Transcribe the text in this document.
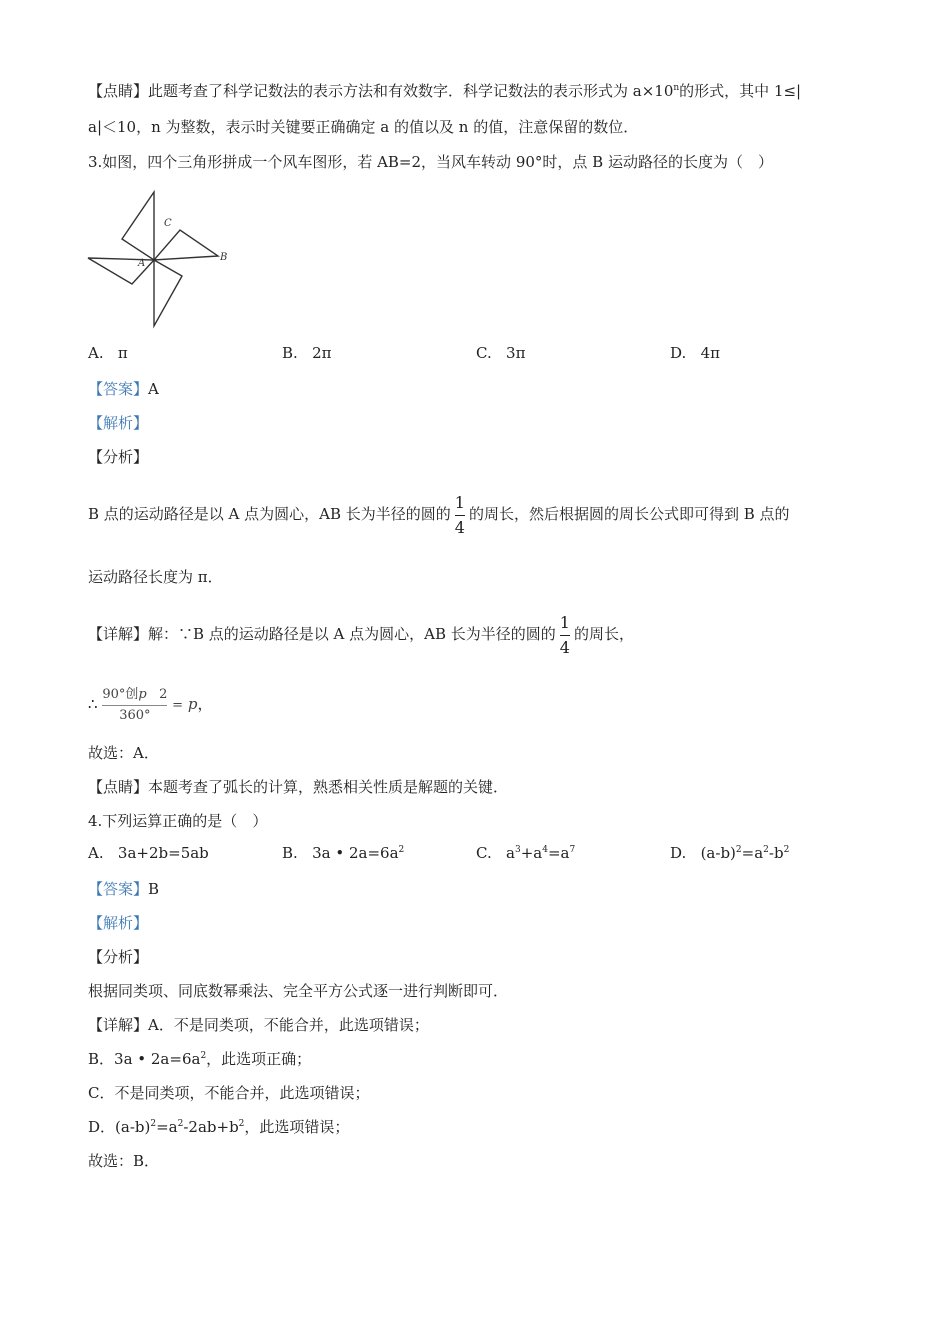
【点睛】此题考查了科学记数法的表示方法和有效数字．科学记数法的表示形式为 $a\times 10^n$的形式，其中 1≤|
a|＜10，n 为整数，表示时关键要正确确定 a 的值以及 n 的值，注意保留的数位．
3.如图，四个三角形拼成一个风车图形，若 AB=2，当风车转动 90°时，点 B 运动路径的长度为（　）
C
B
A
A. π	B. 2π	C. 3π	D. 4π
【答案】A
【解析】
【分析】
B 点的运动路径是以 A 点为圆心，AB 长为半径的圆的 $\frac{1}{4}$ 的周长，然后根据圆的周长公式即可得到 B 点的
运动路径长度为 π．
【详解】解：∵B 点的运动路径是以 A 点为圆心，AB 长为半径的圆的 $\frac{1}{4}$ 的周长，
∴ $\frac{\text{90°创p 2}}{360^\circ} = p$，
故选：A．
【点睛】本题考查了弧长的计算，熟悉相关性质是解题的关键．
4.下列运算正确的是（　）
A. 3a+2b=5ab	B. 3a • $2a=6a^2$	C. $a^3+a^4=a^7$	D. $(a-b)^2=a^2-b^2$
【答案】B
【解析】
【分析】
根据同类项、同底数幂乘法、完全平方公式逐一进行判断即可．
【详解】A．不是同类项，不能合并，此选项错误；
B．3a • $2a=6a^2$，此选项正确；
C．不是同类项，不能合并，此选项错误；
D．$(a-b)^2=a^2-2ab+b^2$，此选项错误；
故选：B．
